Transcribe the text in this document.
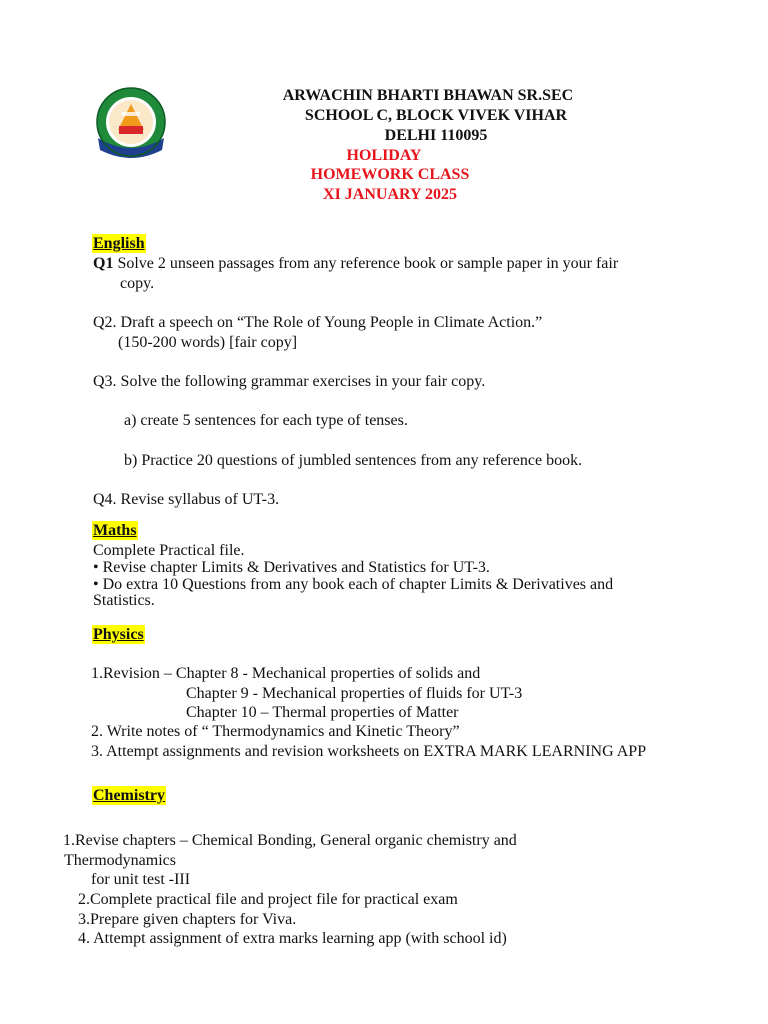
ARWACHIN BHARTI BHAWAN SR.SEC
SCHOOL C, BLOCK VIVEK VIHAR
DELHI 110095
HOLIDAY
HOMEWORK CLASS
XI JANUARY 2025
English
Q1 Solve 2 unseen passages from any reference book or sample paper in your fair
copy.
Q2. Draft a speech on “The Role of Young People in Climate Action.”
(150-200 words) [fair copy]
Q3. Solve the following grammar exercises in your fair copy.
a) create 5 sentences for each type of tenses.
b) Practice 20 questions of jumbled sentences from any reference book.
Q4. Revise syllabus of UT-3.
Maths
Complete Practical file.
• Revise chapter Limits & Derivatives and Statistics for UT-3.
• Do extra 10 Questions from any book each of chapter Limits & Derivatives and
Statistics.
Physics
1.Revision – Chapter 8 - Mechanical properties of solids and
Chapter 9 - Mechanical properties of fluids for UT-3
Chapter 10 – Thermal properties of Matter
2. Write notes of “ Thermodynamics and Kinetic Theory”
3. Attempt assignments and revision worksheets on EXTRA MARK LEARNING APP
Chemistry
1.Revise chapters – Chemical Bonding, General organic chemistry and
Thermodynamics
for unit test -III
2.Complete practical file and project file for practical exam
3.Prepare given chapters for Viva.
4. Attempt assignment of extra marks learning app (with school id)
